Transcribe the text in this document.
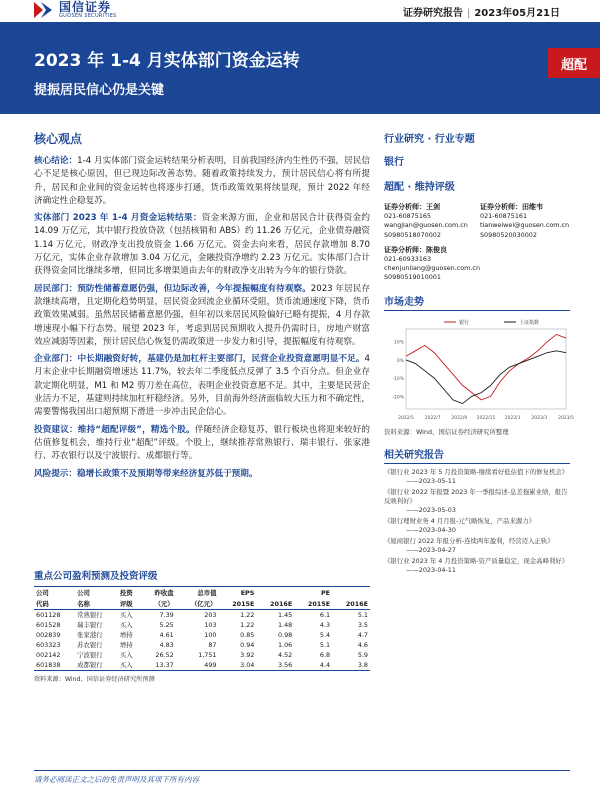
国信证券
GUOSEN SECURITIES	证券研究报告 | 2023年05月21日
2023 年 1-4 月实体部门资金运转
提振居民信心仍是关键
超配
核心观点

核心结论：1-4 月实体部门资金运转结果分析表明，目前我国经济内生性仍不强，居民信心不足是核心原因，但已现边际改善态势。随着政策持续发力，预计居民信心将有所提升，居民和企业间的资金运转也将逐步打通，货币政策效果将续显现，预计 2022 年经济确定性企稳复苏。

实体部门 2023 年 1-4 月资金运转结果：资金来源方面，企业和居民合计获得资金约 14.09 万亿元，其中银行投放贷款（包括核销和 ABS）约 11.26 万亿元，企业债券融资 1.14 万亿元，财政净支出投放资金 1.66 万亿元。资金去向来看，居民存款增加 8.70 万亿元，实体企业存款增加 3.04 万亿元，金融投资净增约 2.23 万亿元。实体部门合计获得资金同比继续多增，但同比多增渠道由去年的财政净支出转为今年的银行贷款。

居民部门：预防性储蓄意愿仍强，但边际改善，今年提振幅度有待观察。2023 年居民存款继续高增，且定期化趋势明显，居民资金回流企业循环受阻，货币流通速度下降，货币政策效果减弱。虽然居民储蓄意愿仍强，但年初以来居民风险偏好已略有提振，4 月存款增速现小幅下行态势。展望 2023 年，考虑到居民预期收入提升仍需时日，房地产财富效应减弱等因素，预计居民信心恢复仍需政策进一步发力和引导，提振幅度有待观察。

企业部门：中长期融资好转，基建仍是加杠杆主要部门，民营企业投资意愿明显不足。4 月末企业中长期融资增速达 11.7%，较去年二季度低点反弹了 3.5 个百分点。但企业存款定期化明显，M1 和 M2 剪刀差在高位，表明企业投资意愿不足。其中，主要是民营企业活力不足，基建则持续加杠杆稳经济。另外，目前海外经济面临较大压力和不确定性，需要警惕我国出口超预期下滑进一步冲击民企信心。

投资建议：维持“超配评级”，精选个股。伴随经济企稳复苏，银行板块也将迎来较好的估值修复机会，维持行业“超配”评级。个股上，继续推荐常熟银行、瑞丰银行、张家港行、苏农银行以及宁波银行、成都银行等。

风险提示：稳增长政策不及预期等带来经济复苏低于预期。

行业研究 · 行业专题
银行
超配 · 维持评级
证券分析师：王剑
021-60875165
wangjian@guosen.com.cn
S0980518070002
证券分析师：田维韦
021-60875161
tianweiwei@guosen.com.cn
S0980520030002
证券分析师：陈俊良
021-60933163
chenjunliang@guosen.com.cn
S0980519010001
市场走势
-20%
-10%
0%
10%
2022/5 2022/7 2022/9 2022/11 2023/1 2023/3 2023/5
银行	上证指数
资料来源：Wind、国信证券经济研究所整理
相关研究报告
《银行业 2023 年 5 月投资策略-继续看好低估值下的修复机会》
——2023-05-11
《银行业 2022 年报暨 2023 年一季报综述-息差拖累业绩，报告反映利好》
——2023-05-03
《银行理财业务 4 月月报-元气略恢复，产品来源力》
——2023-04-30
《厦商银行 2022 年报分析-连续两年盈利，经营迈入正轨》
——2023-04-27
《银行业 2023 年 4 月投资策略-资产质量稳定，现金高峰利好》
——2023-04-11
重点公司盈利预测及投资评级
公司	公司	投资	昨收盘	总市值	EPS		PE	
代码	名称	评级	（元）	（亿元）	2015E	2016E	2015E	2016E
601128	常熟银行	买入	7.39	203	1.22	1.45	6.1	5.1
601528	瑞丰银行	买入	5.25	103	1.22	1.48	4.3	3.5
002839	张家港行	增持	4.61	100	0.85	0.98	5.4	4.7
603323	苏农银行	增持	4.83	87	0.94	1.06	5.1	4.6
002142	宁波银行	买入	26.52	1,751	3.92	4.52	6.8	5.9
601838	成都银行	买入	13.37	499	3.04	3.56	4.4	3.8
资料来源：Wind、国信证券经济研究所预测
请务必阅读正文之后的免责声明及其项下所有内容
